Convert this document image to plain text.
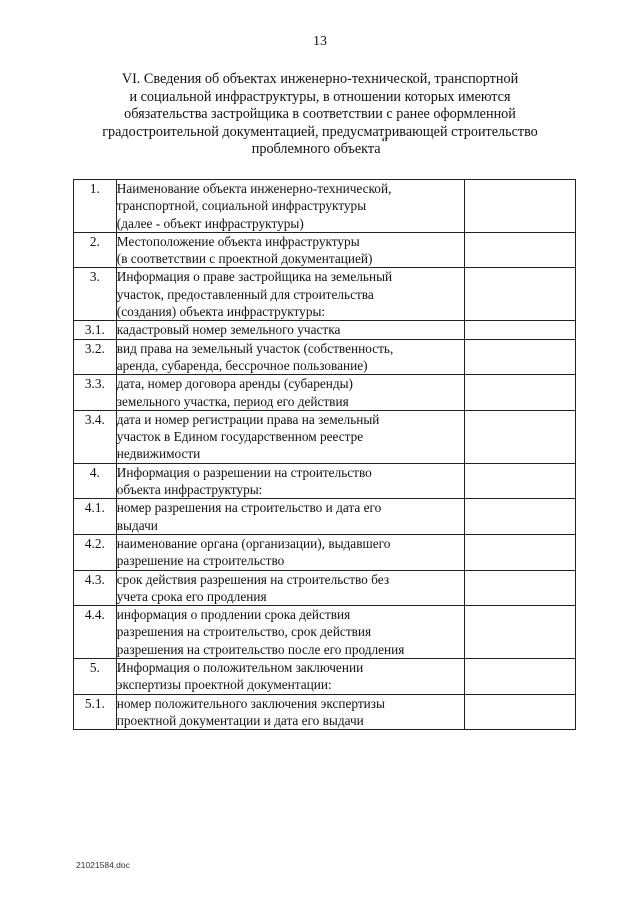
13
VI. Сведения об объектах инженерно-технической, транспортной
и социальной инфраструктуры, в отношении которых имеются
обязательства застройщика в соответствии с ранее оформленной
градостроительной документацией, предусматривающей строительство
проблемного объекта“
1.	Наименование объекта инженерно-технической,
транспортной, социальной инфраструктуры
(далее - объект инфраструктуры)	

2.	Местоположение объекта инфраструктуры
(в соответствии с проектной документацией)	

3.	Информация о праве застройщика на земельный
участок, предоставленный для строительства
(создания) объекта инфраструктуры:	

3.1.	кадастровый номер земельного участка	

3.2.	вид права на земельный участок (собственность,
аренда, субаренда, бессрочное пользование)	

3.3.	дата, номер договора аренды (субаренды)
земельного участка, период его действия	

3.4.	дата и номер регистрации права на земельный
участок в Едином государственном реестре
недвижимости	

4.	Информация о разрешении на строительство
объекта инфраструктуры:	

4.1.	номер разрешения на строительство и дата его
выдачи	

4.2.	наименование органа (организации), выдавшего
разрешение на строительство	

4.3.	срок действия разрешения на строительство без
учета срока его продления	

4.4.	информация о продлении срока действия
разрешения на строительство, срок действия
разрешения на строительство после его продления	

5.	Информация о положительном заключении
экспертизы проектной документации:	

5.1.	номер положительного заключения экспертизы
проектной документации и дата его выдачи	

21021584.doc
